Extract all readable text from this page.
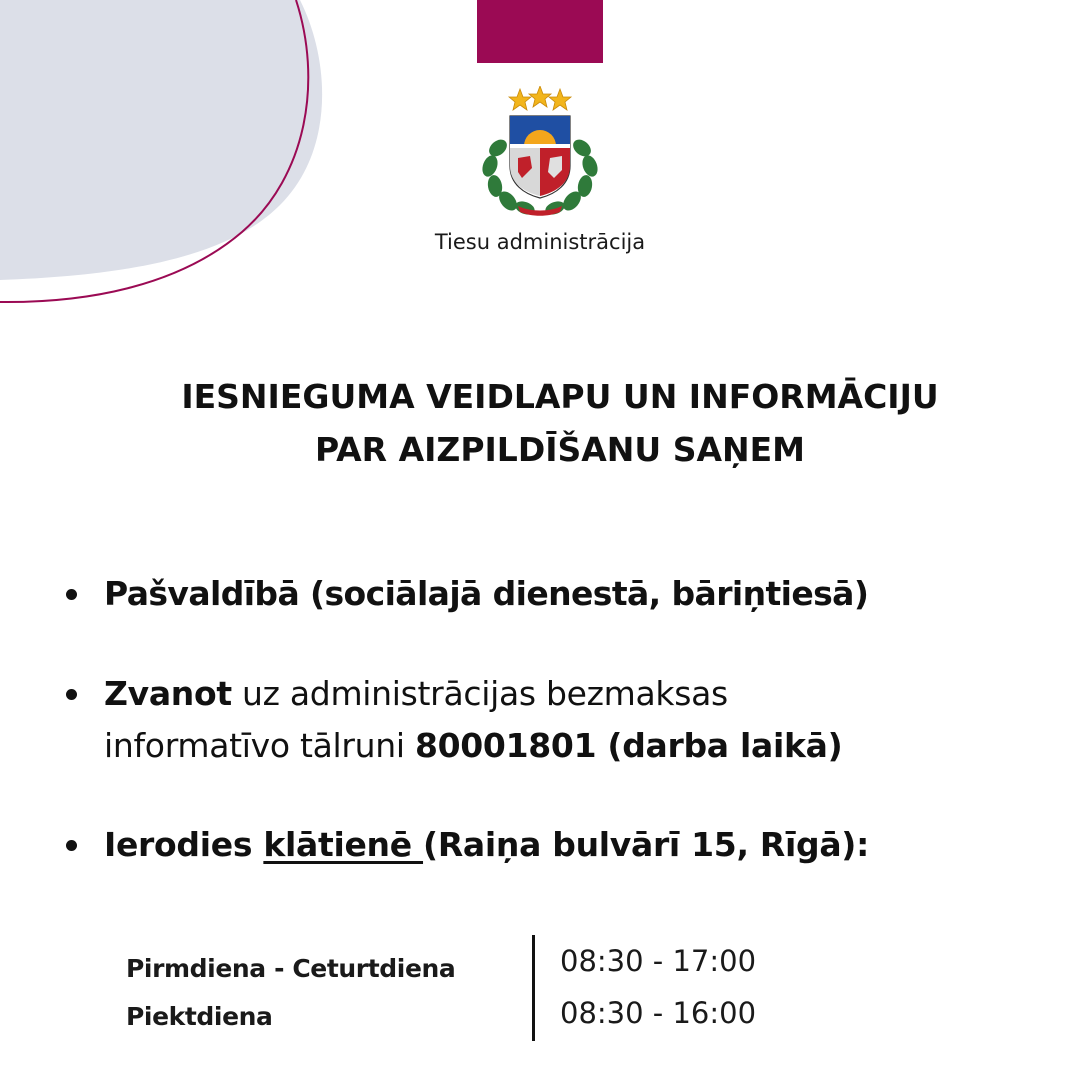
Tiesu administrācija
IESNIEGUMA VEIDLAPU UN INFORMĀCIJU
PAR AIZPILDĪŠANU SAŅEM
Pašvaldībā (sociālajā dienestā, bāriņtiesā)
Zvanot uz administrācijas bezmaksas
informatīvo tālruni 80001801 (darba laikā)
Ierodies klātienē (Raiņa bulvārī 15, Rīgā):
Pirmdiena - Ceturtdiena
Piektdiena
08:30 - 17:00
08:30 - 16:00
